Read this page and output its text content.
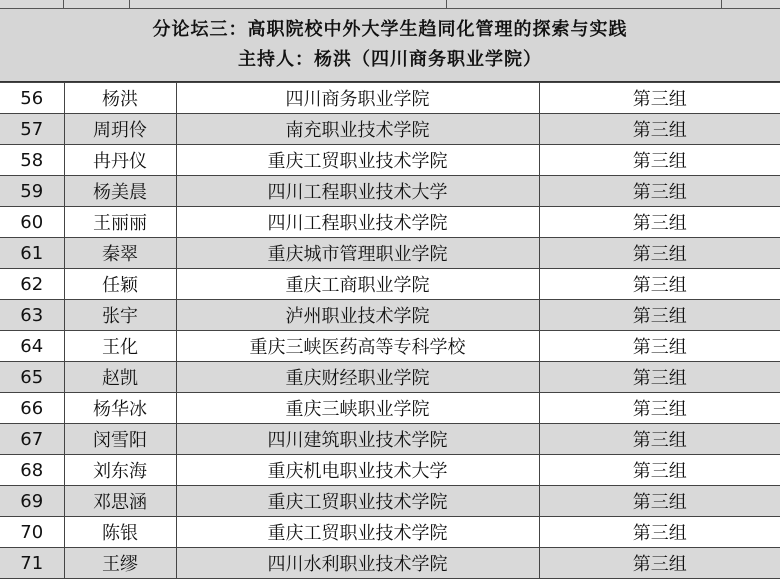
分论坛三：高职院校中外大学生趋同化管理的探索与实践
主持人：杨洪（四川商务职业学院）
56	杨洪	四川商务职业学院	第三组
57	周玥伶	南充职业技术学院	第三组
58	冉丹仪	重庆工贸职业技术学院	第三组
59	杨美晨	四川工程职业技术大学	第三组
60	王丽丽	四川工程职业技术学院	第三组
61	秦翠	重庆城市管理职业学院	第三组
62	任颖	重庆工商职业学院	第三组
63	张宇	泸州职业技术学院	第三组
64	王化	重庆三峡医药高等专科学校	第三组
65	赵凯	重庆财经职业学院	第三组
66	杨华冰	重庆三峡职业学院	第三组
67	闵雪阳	四川建筑职业技术学院	第三组
68	刘东海	重庆机电职业技术大学	第三组
69	邓思涵	重庆工贸职业技术学院	第三组
70	陈银	重庆工贸职业技术学院	第三组
71	王缪	四川水利职业技术学院	第三组
